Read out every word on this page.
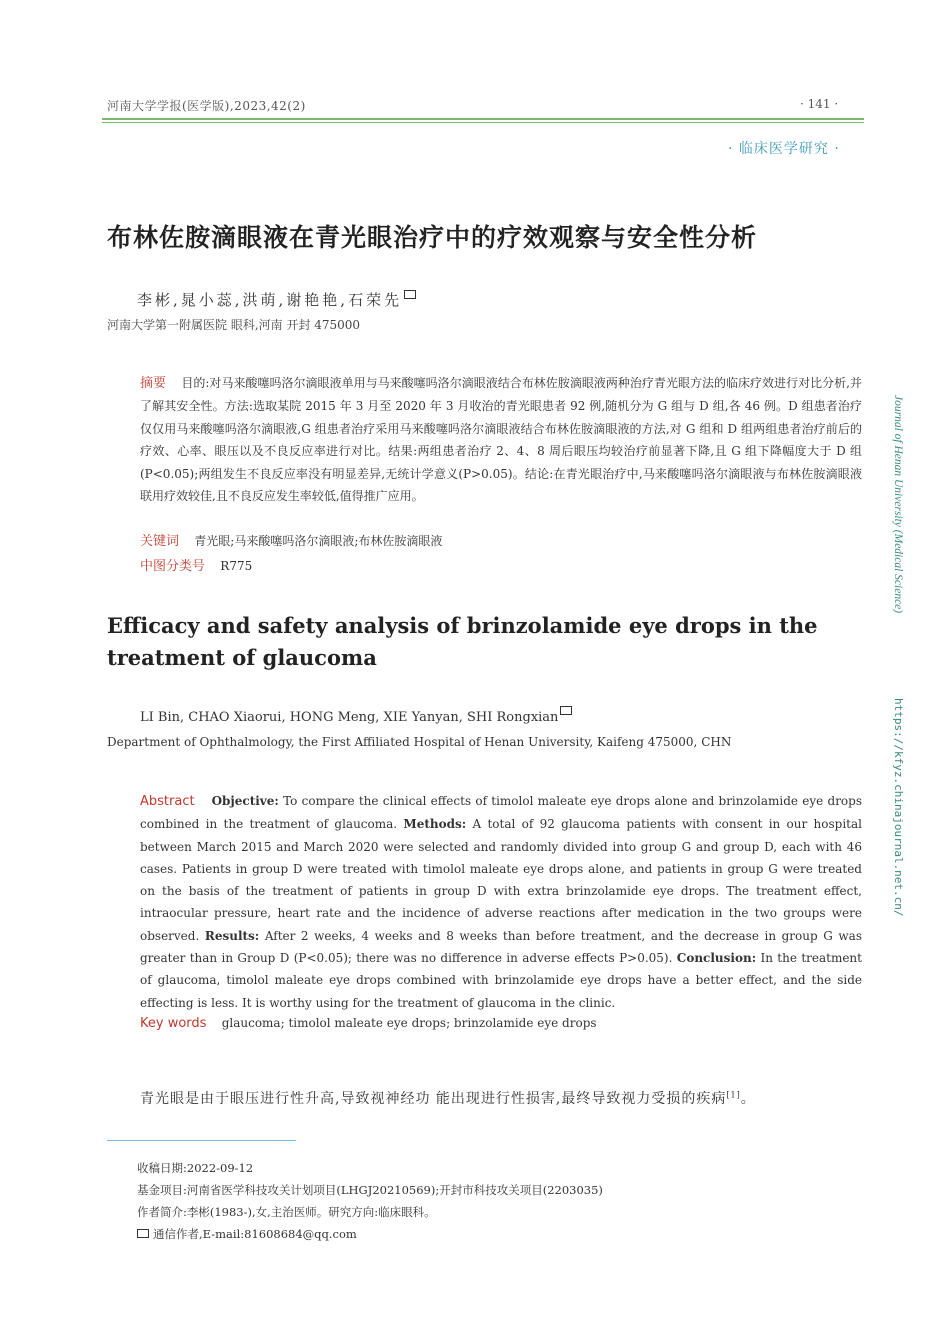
河南大学学报(医学版),2023,42(2)	· 141 ·
· 临床医学研究 ·
布林佐胺滴眼液在青光眼治疗中的疗效观察与安全性分析
李彬,晁小蕊,洪萌,谢艳艳,石荣先
河南大学第一附属医院 眼科,河南 开封 475000
摘要 目的:对马来酸噻吗洛尔滴眼液单用与马来酸噻吗洛尔滴眼液结合布林佐胺滴眼液两种治疗青光眼方法的临床疗效进行对比分析,并了解其安全性。方法:选取某院 2015 年 3 月至 2020 年 3 月收治的青光眼患者 92 例,随机分为 G 组与 D 组,各 46 例。D 组患者治疗仅仅用马来酸噻吗洛尔滴眼液,G 组患者治疗采用马来酸噻吗洛尔滴眼液结合布林佐胺滴眼液的方法,对 G 组和 D 组两组患者治疗前后的疗效、心率、眼压以及不良反应率进行对比。结果:两组患者治疗 2、4、8 周后眼压均较治疗前显著下降,且 G 组下降幅度大于 D 组(P<0.05);两组发生不良反应率没有明显差异,无统计学意义(P>0.05)。结论:在青光眼治疗中,马来酸噻吗洛尔滴眼液与布林佐胺滴眼液联用疗效较佳,且不良反应发生率较低,值得推广应用。
关键词 青光眼;马来酸噻吗洛尔滴眼液;布林佐胺滴眼液
中图分类号 R775
Efficacy and safety analysis of brinzolamide eye drops in the treatment of glaucoma
LI Bin, CHAO Xiaorui, HONG Meng, XIE Yanyan, SHI Rongxian
Department of Ophthalmology, the First Affiliated Hospital of Henan University, Kaifeng 475000, CHN
Abstract Objective: To compare the clinical effects of timolol maleate eye drops alone and brinzolamide eye drops combined in the treatment of glaucoma. Methods: A total of 92 glaucoma patients with consent in our hospital between March 2015 and March 2020 were selected and randomly divided into group G and group D, each with 46 cases. Patients in group D were treated with timolol maleate eye drops alone, and patients in group G were treated on the basis of the treatment of patients in group D with extra brinzolamide eye drops. The treatment effect, intraocular pressure, heart rate and the incidence of adverse reactions after medication in the two groups were observed. Results: After 2 weeks, 4 weeks and 8 weeks than before treatment, and the decrease in group G was greater than in Group D (P<0.05); there was no difference in adverse effects P>0.05). Conclusion: In the treatment of glaucoma, timolol maleate eye drops combined with brinzolamide eye drops have a better effect, and the side effecting is less. It is worthy using for the treatment of glaucoma in the clinic.
Key words glaucoma; timolol maleate eye drops; brinzolamide eye drops
青光眼是由于眼压进行性升高,导致视神经功 能出现进行性损害,最终导致视力受损的疾病[1]。
收稿日期:2022-09-12
基金项目:河南省医学科技攻关计划项目(LHGJ20210569);开封市科技攻关项目(2203035)
作者简介:李彬(1983-),女,主治医师。研究方向:临床眼科。
通信作者,E-mail:81608684@qq.com
Journal of Henan University (Medical Science)
https://kfyz.chinajournal.net.cn/
